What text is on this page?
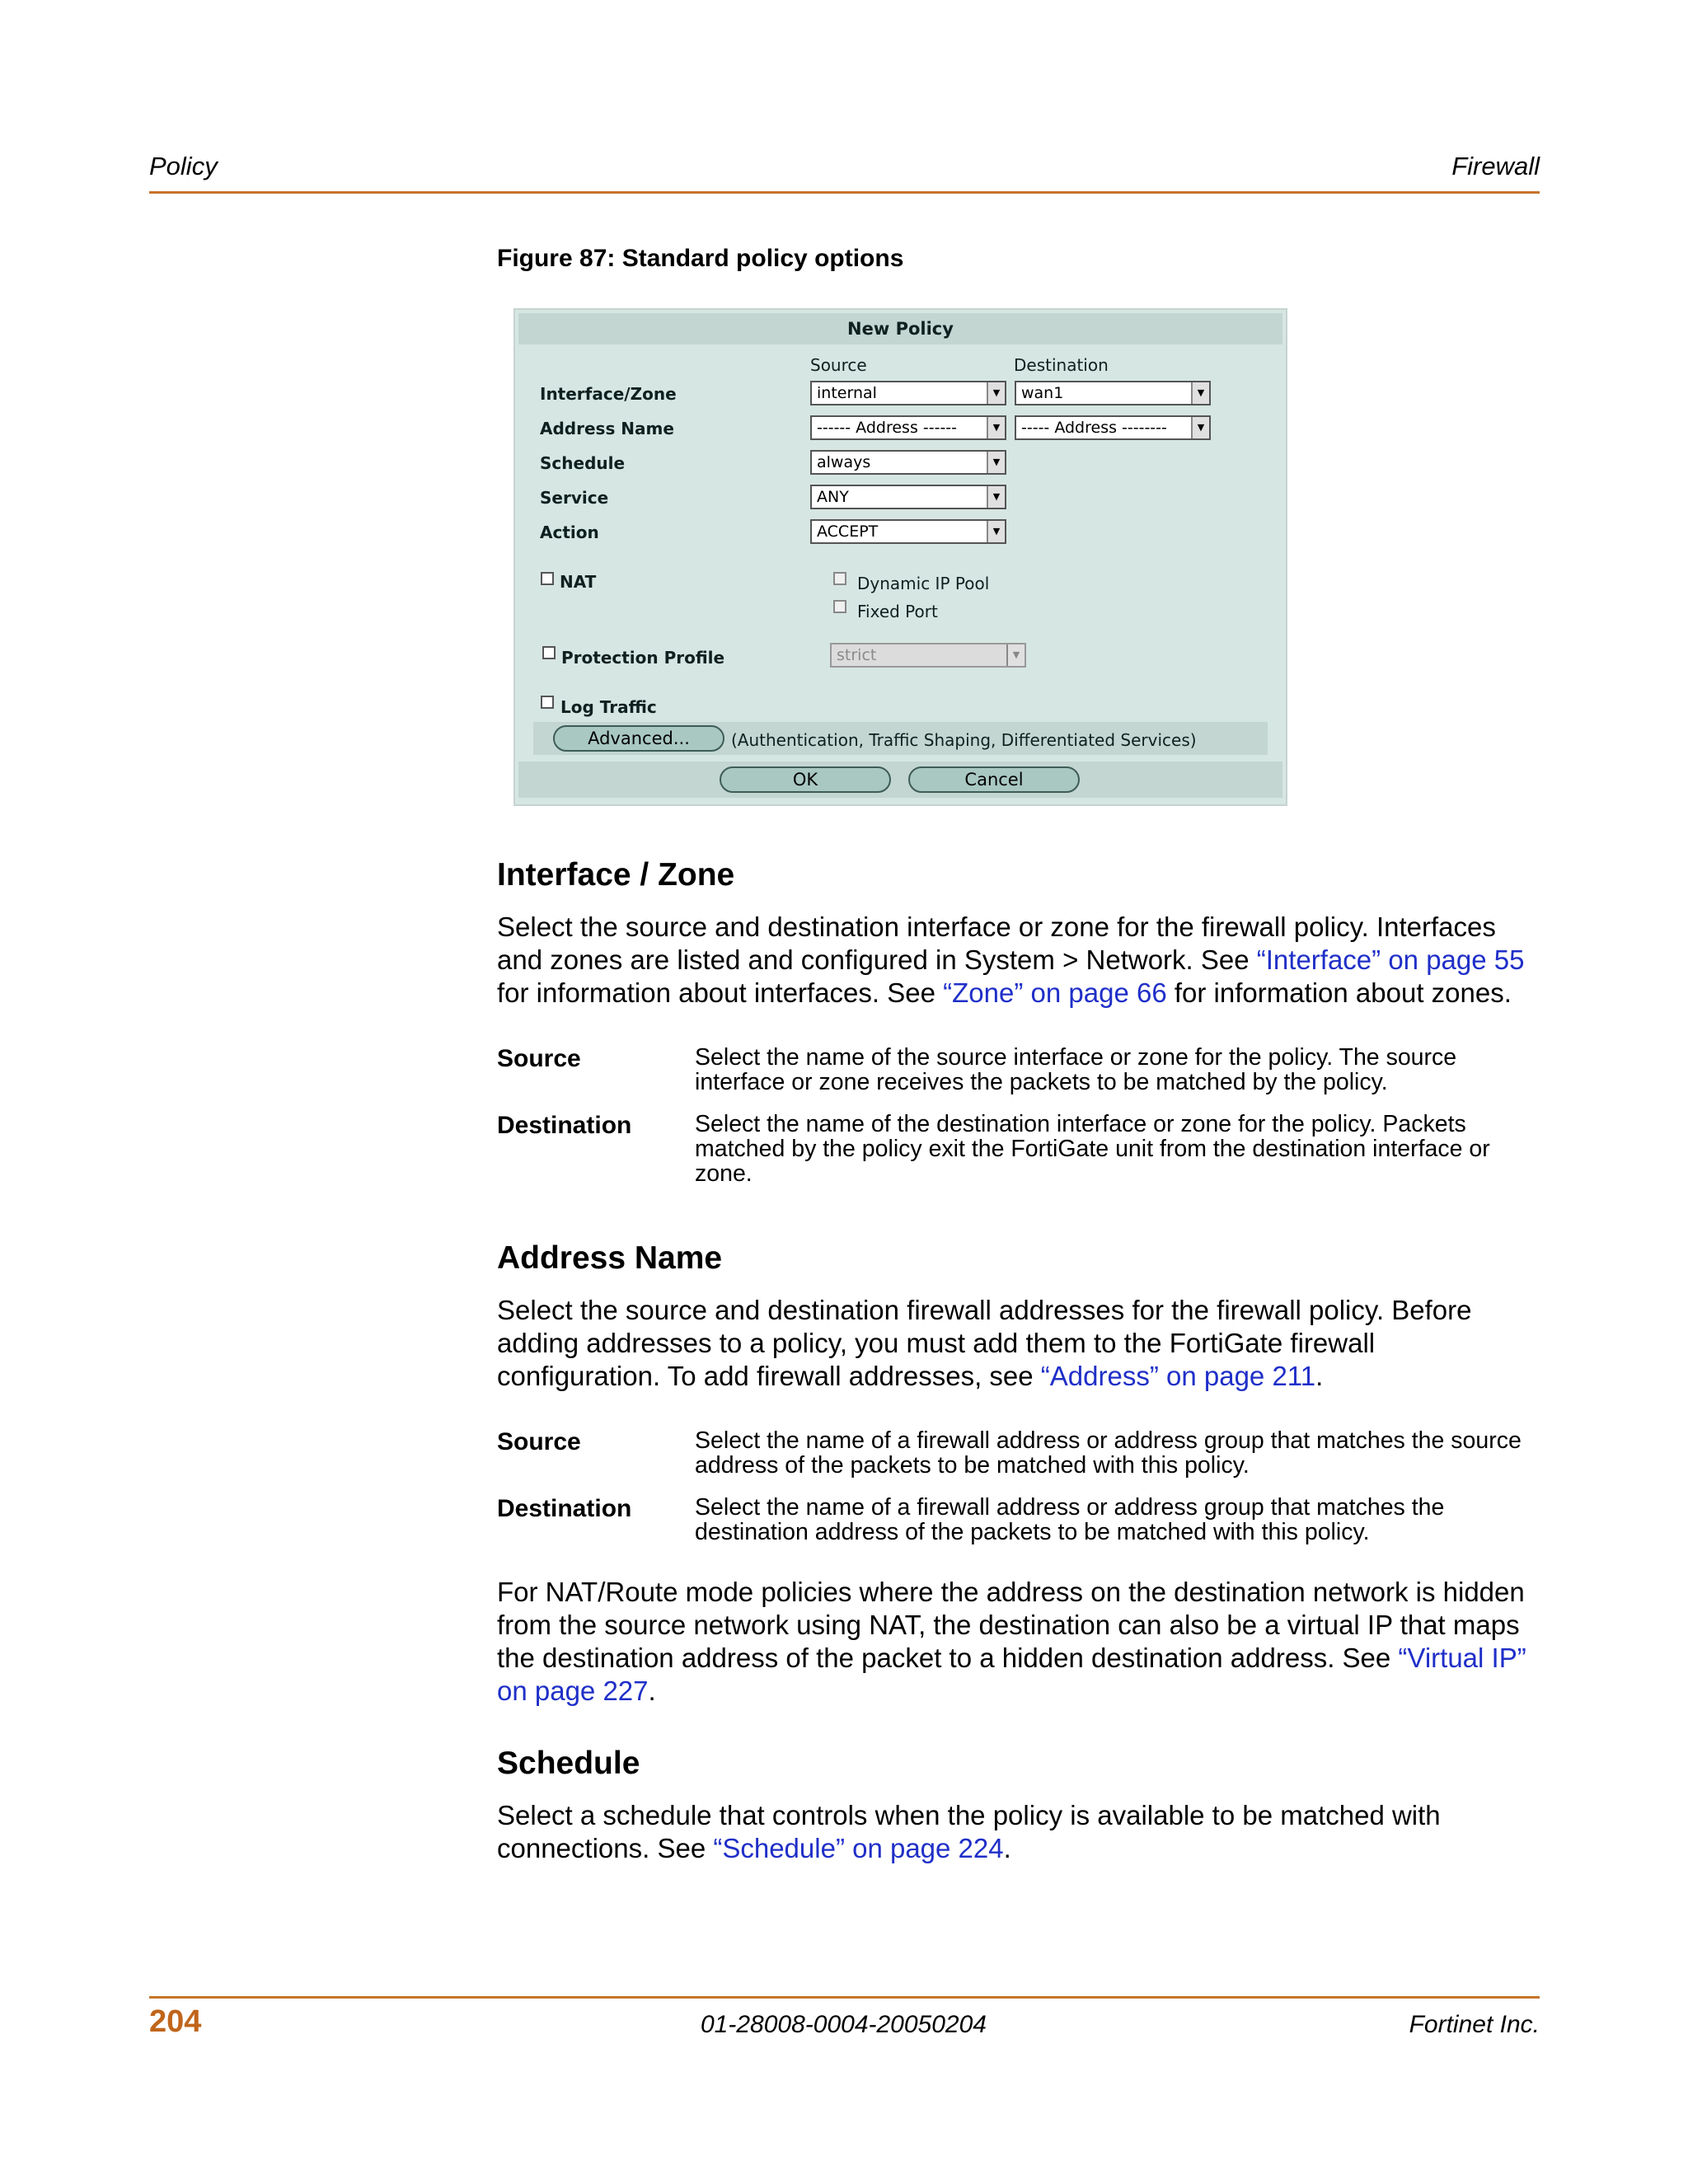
Policy	Firewall
Figure 87: Standard policy options
New Policy
Source	Destination
Interface/Zone	internal	▼	wan1	▼
Address Name	------ Address ------	▼	----- Address --------	▼
Schedule	always	▼
Service	ANY	▼
Action	ACCEPT	▼
NAT	Dynamic IP Pool
Fixed Port
Protection Profile	strict	▼
Log Traffic
Advanced...	(Authentication, Traffic Shaping, Differentiated Services)
OK	Cancel
Interface / Zone
Select the source and destination interface or zone for the firewall policy. Interfaces and zones are listed and configured in System > Network. See “Interface” on page 55 for information about interfaces. See “Zone” on page 66 for information about zones.
Source	Select the name of the source interface or zone for the policy. The source interface or zone receives the packets to be matched by the policy.
Destination	Select the name of the destination interface or zone for the policy. Packets matched by the policy exit the FortiGate unit from the destination interface or zone.
Address Name
Select the source and destination firewall addresses for the firewall policy. Before adding addresses to a policy, you must add them to the FortiGate firewall configuration. To add firewall addresses, see “Address” on page 211.
Source	Select the name of a firewall address or address group that matches the source address of the packets to be matched with this policy.
Destination	Select the name of a firewall address or address group that matches the destination address of the packets to be matched with this policy.
For NAT/Route mode policies where the address on the destination network is hidden from the source network using NAT, the destination can also be a virtual IP that maps the destination address of the packet to a hidden destination address. See “Virtual IP” on page 227.
Schedule
Select a schedule that controls when the policy is available to be matched with connections. See “Schedule” on page 224.
204	01-28008-0004-20050204	Fortinet Inc.
